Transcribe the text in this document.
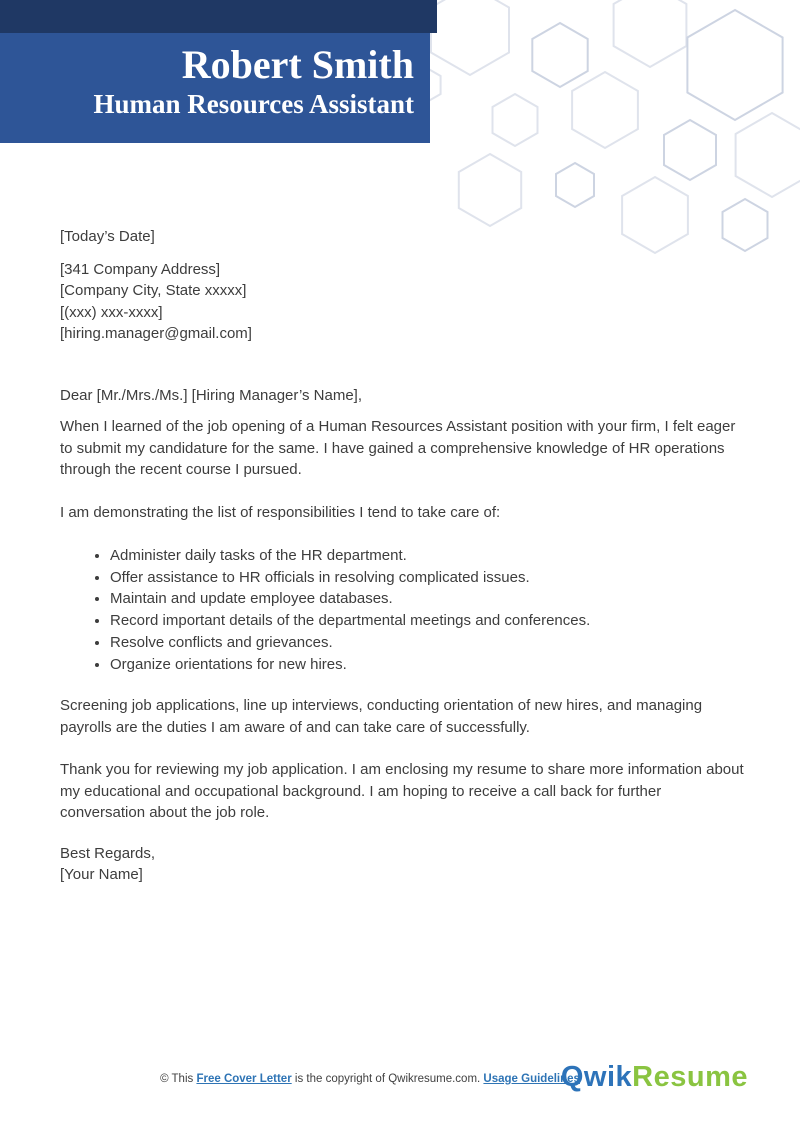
Robert Smith
Human Resources Assistant

[Today’s Date]

[341 Company Address]

[Company City, State xxxxx]

[(xxx) xxx-xxxx]

[hiring.manager@gmail.com]

Dear [Mr./Mrs./Ms.] [Hiring Manager’s Name],

When I learned of the job opening of a Human Resources Assistant position with your firm, I felt eager to submit my candidature for the same. I have gained a comprehensive knowledge of HR operations through the recent course I pursued.

I am demonstrating the list of responsibilities I tend to take care of:

• Administer daily tasks of the HR department.
• Offer assistance to HR officials in resolving complicated issues.
• Maintain and update employee databases.
• Record important details of the departmental meetings and conferences.
• Resolve conflicts and grievances.
• Organize orientations for new hires.

Screening job applications, line up interviews, conducting orientation of new hires, and managing payrolls are the duties I am aware of and can take care of successfully.

Thank you for reviewing my job application. I am enclosing my resume to share more information about my educational and occupational background. I am hoping to receive a call back for further conversation about the job role.

Best Regards,

[Your Name]

© This Free Cover Letter is the copyright of Qwikresume.com. Usage Guidelines

QwikResume
